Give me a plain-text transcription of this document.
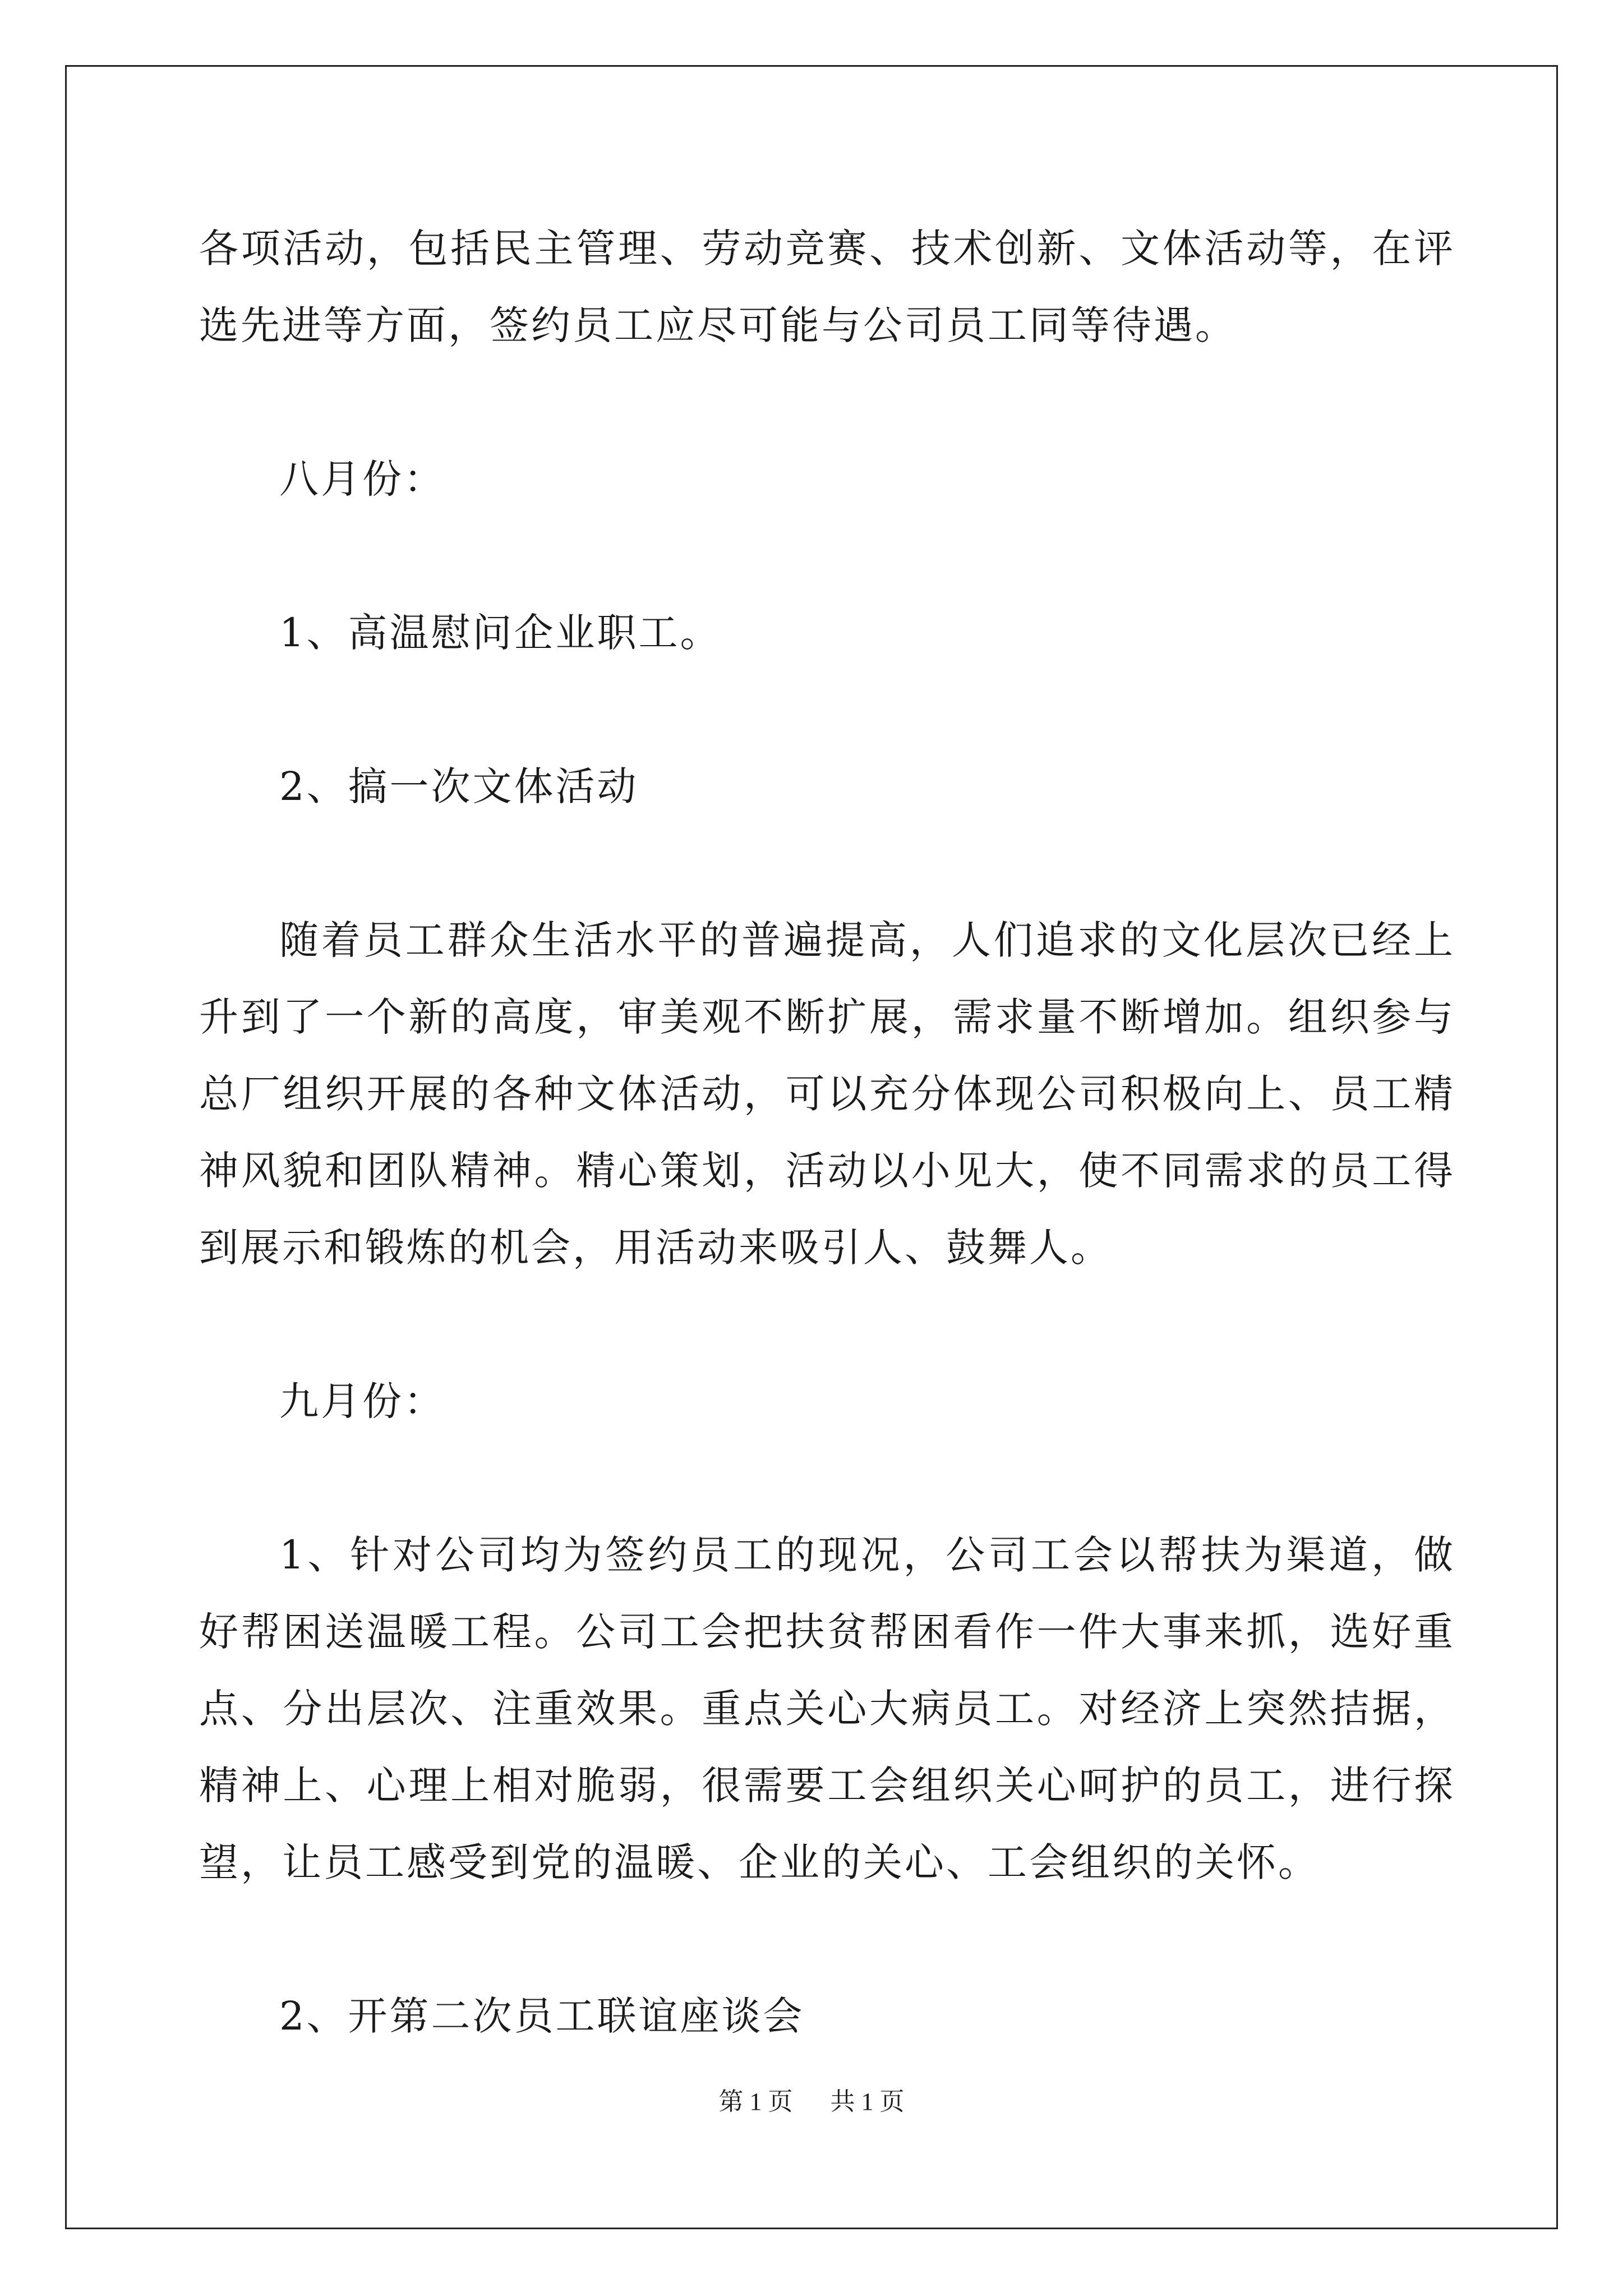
各项活动，包括民主管理、劳动竞赛、技术创新、文体活动等，在评选先进等方面，签约员工应尽可能与公司员工同等待遇。

八月份：

1、高温慰问企业职工。

2、搞一次文体活动

随着员工群众生活水平的普遍提高，人们追求的文化层次已经上升到了一个新的高度，审美观不断扩展，需求量不断增加。组织参与总厂组织开展的各种文体活动，可以充分体现公司积极向上、员工精神风貌和团队精神。精心策划，活动以小见大，使不同需求的员工得到展示和锻炼的机会，用活动来吸引人、鼓舞人。

九月份：

1、针对公司均为签约员工的现况，公司工会以帮扶为渠道，做好帮困送温暖工程。公司工会把扶贫帮困看作一件大事来抓，选好重点、分出层次、注重效果。重点关心大病员工。对经济上突然拮据，精神上、心理上相对脆弱，很需要工会组织关心呵护的员工，进行探望，让员工感受到党的温暖、企业的关心、工会组织的关怀。

2、开第二次员工联谊座谈会

第 1 页 共 1 页
